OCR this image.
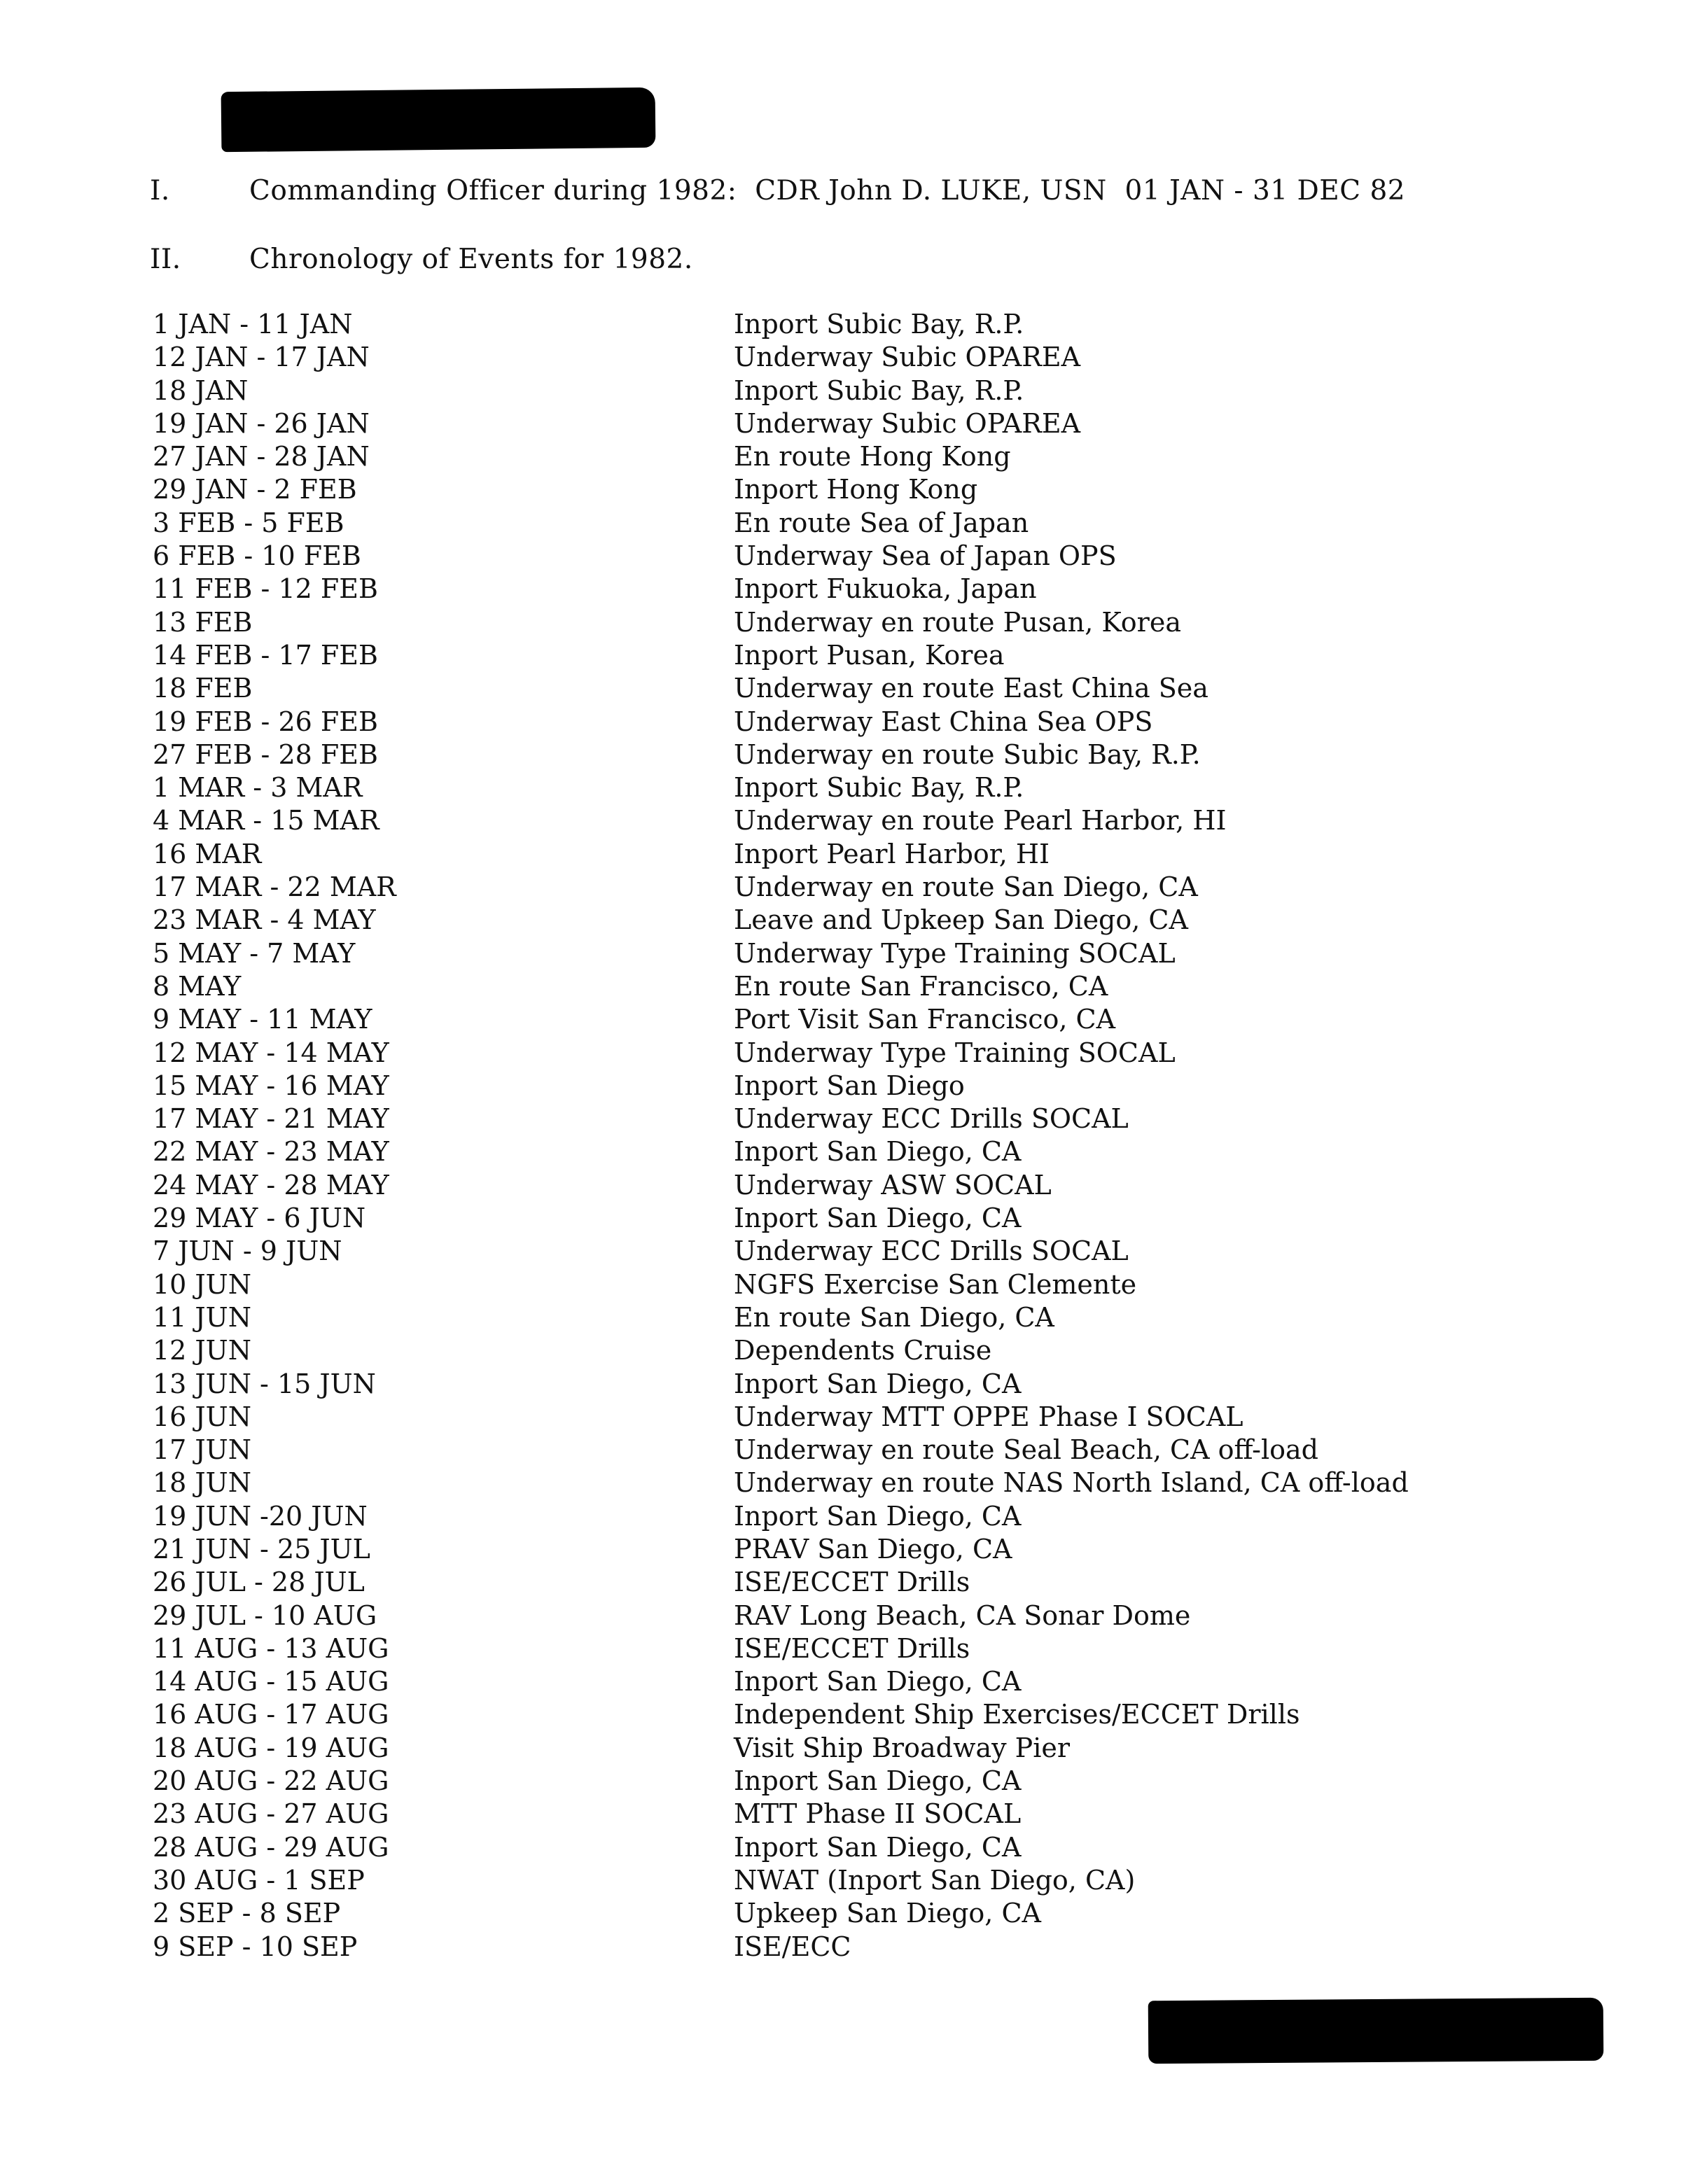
I.	Commanding Officer during 1982:  CDR John D. LUKE, USN  01 JAN - 31 DEC 82
II. Chronology of Events for 1982.
1 JAN - 11 JAN	Inport Subic Bay, R.P.
12 JAN - 17 JAN	Underway Subic OPAREA
18 JAN	Inport Subic Bay, R.P.
19 JAN - 26 JAN	Underway Subic OPAREA
27 JAN - 28 JAN	En route Hong Kong
29 JAN - 2 FEB	Inport Hong Kong
3 FEB - 5 FEB	En route Sea of Japan
6 FEB - 10 FEB	Underway Sea of Japan OPS
11 FEB - 12 FEB	Inport Fukuoka, Japan
13 FEB	Underway en route Pusan, Korea
14 FEB - 17 FEB	Inport Pusan, Korea
18 FEB	Underway en route East China Sea
19 FEB - 26 FEB	Underway East China Sea OPS
27 FEB - 28 FEB	Underway en route Subic Bay, R.P.
1 MAR - 3 MAR	Inport Subic Bay, R.P.
4 MAR - 15 MAR	Underway en route Pearl Harbor, HI
16 MAR	Inport Pearl Harbor, HI
17 MAR - 22 MAR	Underway en route San Diego, CA
23 MAR - 4 MAY	Leave and Upkeep San Diego, CA
5 MAY - 7 MAY	Underway Type Training SOCAL
8 MAY	En route San Francisco, CA
9 MAY - 11 MAY	Port Visit San Francisco, CA
12 MAY - 14 MAY	Underway Type Training SOCAL
15 MAY - 16 MAY	Inport San Diego
17 MAY - 21 MAY	Underway ECC Drills SOCAL
22 MAY - 23 MAY	Inport San Diego, CA
24 MAY - 28 MAY	Underway ASW SOCAL
29 MAY - 6 JUN	Inport San Diego, CA
7 JUN - 9 JUN	Underway ECC Drills SOCAL
10 JUN	NGFS Exercise San Clemente
11 JUN	En route San Diego, CA
12 JUN	Dependents Cruise
13 JUN - 15 JUN	Inport San Diego, CA
16 JUN	Underway MTT OPPE Phase I SOCAL
17 JUN	Underway en route Seal Beach, CA off-load
18 JUN	Underway en route NAS North Island, CA off-load
19 JUN -20 JUN	Inport San Diego, CA
21 JUN - 25 JUL	PRAV San Diego, CA
26 JUL - 28 JUL	ISE/ECCET Drills
29 JUL - 10 AUG	RAV Long Beach, CA Sonar Dome
11 AUG - 13 AUG	ISE/ECCET Drills
14 AUG - 15 AUG	Inport San Diego, CA
16 AUG - 17 AUG	Independent Ship Exercises/ECCET Drills
18 AUG - 19 AUG	Visit Ship Broadway Pier
20 AUG - 22 AUG	Inport San Diego, CA
23 AUG - 27 AUG	MTT Phase II SOCAL
28 AUG - 29 AUG	Inport San Diego, CA
30 AUG - 1 SEP	NWAT (Inport San Diego, CA)
2 SEP - 8 SEP	Upkeep San Diego, CA
9 SEP - 10 SEP	ISE/ECC
